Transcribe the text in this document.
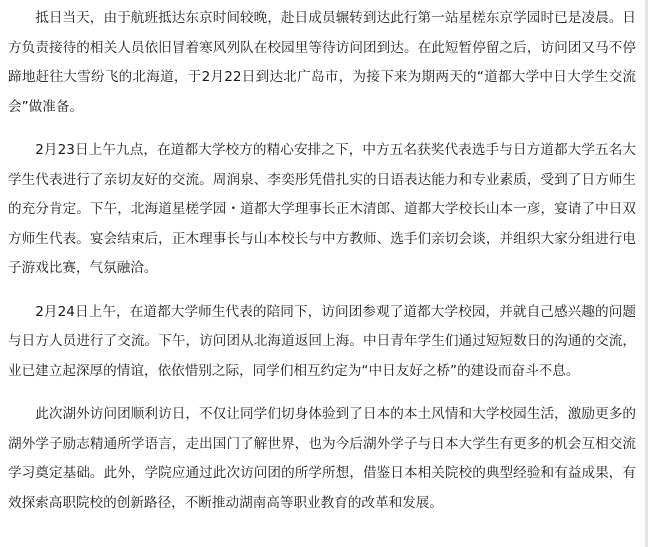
抵日当天，由于航班抵达东京时间较晚，赴日成员辗转到达此行第一站星槎东京学园时已是凌晨。日方负责接待的相关人员依旧冒着寒风列队在校园里等待访问团到达。在此短暂停留之后，访问团又马不停蹄地赶往大雪纷飞的北海道，于2月22日到达北广岛市，为接下来为期两天的“道都大学中日大学生交流会”做准备。

2月23日上午九点，在道都大学校方的精心安排之下，中方五名获奖代表选手与日方道都大学五名大学生代表进行了亲切友好的交流。周润泉、李奕彤凭借扎实的日语表达能力和专业素质，受到了日方师生的充分肯定。下午，北海道星槎学园・道都大学理事长正木清郎、道都大学校长山本一彦，宴请了中日双方师生代表。宴会结束后，正木理事长与山本校长与中方教师、选手们亲切会谈，并组织大家分组进行电子游戏比赛，气氛融洽。

2月24日上午，在道都大学师生代表的陪同下，访问团参观了道都大学校园，并就自己感兴趣的问题与日方人员进行了交流。下午，访问团从北海道返回上海。中日青年学生们通过短短数日的沟通的交流，业已建立起深厚的情谊，依依惜别之际，同学们相互约定为“中日友好之桥”的建设而奋斗不息。

此次湖外访问团顺利访日，不仅让同学们切身体验到了日本的本土风情和大学校园生活，激励更多的湖外学子励志精通所学语言，走出国门了解世界，也为今后湖外学子与日本大学生有更多的机会互相交流学习奠定基础。此外，学院应通过此次访问团的所学所想，借鉴日本相关院校的典型经验和有益成果，有效探索高职院校的创新路径，不断推动湖南高等职业教育的改革和发展。
